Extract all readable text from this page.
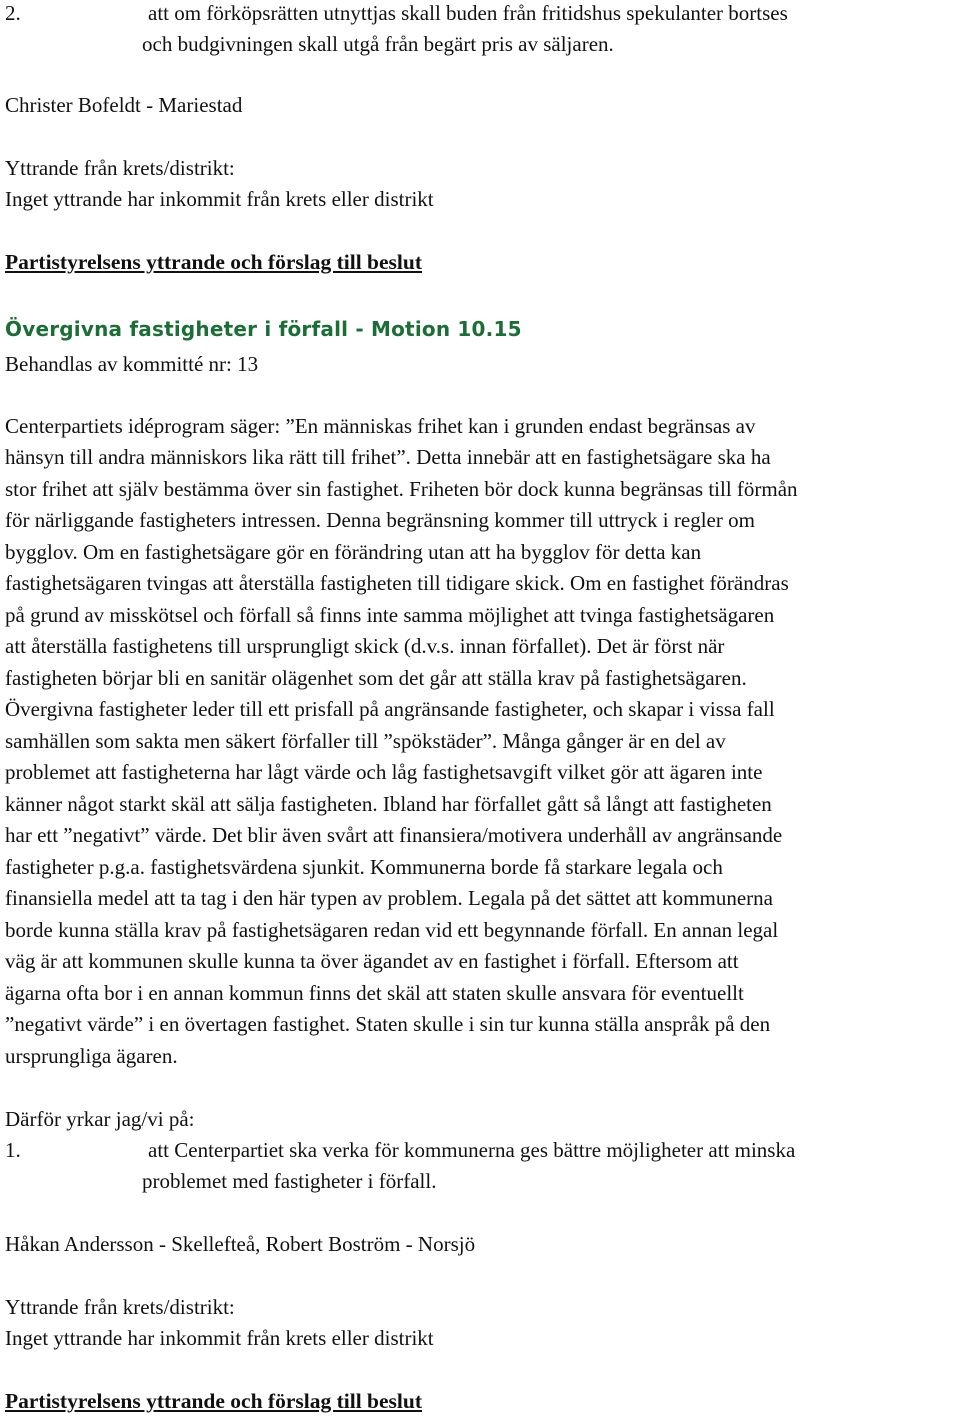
2.	att om förköpsrätten utnyttjas skall buden från fritidshus spekulanter bortses
och budgivningen skall utgå från begärt pris av säljaren.
Christer Bofeldt - Mariestad
Yttrande från krets/distrikt:
Inget yttrande har inkommit från krets eller distrikt
Partistyrelsens yttrande och förslag till beslut
Övergivna fastigheter i förfall - Motion 10.15
Behandlas av kommitté nr: 13
Centerpartiets idéprogram säger: ”En människas frihet kan i grunden endast begränsas av
hänsyn till andra människors lika rätt till frihet”. Detta innebär att en fastighetsägare ska ha
stor frihet att själv bestämma över sin fastighet. Friheten bör dock kunna begränsas till förmån
för närliggande fastigheters intressen. Denna begränsning kommer till uttryck i regler om
bygglov. Om en fastighetsägare gör en förändring utan att ha bygglov för detta kan
fastighetsägaren tvingas att återställa fastigheten till tidigare skick. Om en fastighet förändras
på grund av misskötsel och förfall så finns inte samma möjlighet att tvinga fastighetsägaren
att återställa fastighetens till ursprungligt skick (d.v.s. innan förfallet). Det är först när
fastigheten börjar bli en sanitär olägenhet som det går att ställa krav på fastighetsägaren.
Övergivna fastigheter leder till ett prisfall på angränsande fastigheter, och skapar i vissa fall
samhällen som sakta men säkert förfaller till ”spökstäder”. Många gånger är en del av
problemet att fastigheterna har lågt värde och låg fastighetsavgift vilket gör att ägaren inte
känner något starkt skäl att sälja fastigheten. Ibland har förfallet gått så långt att fastigheten
har ett ”negativt” värde. Det blir även svårt att finansiera/motivera underhåll av angränsande
fastigheter p.g.a. fastighetsvärdena sjunkit. Kommunerna borde få starkare legala och
finansiella medel att ta tag i den här typen av problem. Legala på det sättet att kommunerna
borde kunna ställa krav på fastighetsägaren redan vid ett begynnande förfall. En annan legal
väg är att kommunen skulle kunna ta över ägandet av en fastighet i förfall. Eftersom att
ägarna ofta bor i en annan kommun finns det skäl att staten skulle ansvara för eventuellt
”negativt värde” i en övertagen fastighet. Staten skulle i sin tur kunna ställa anspråk på den
ursprungliga ägaren.
Därför yrkar jag/vi på:
1.	att Centerpartiet ska verka för kommunerna ges bättre möjligheter att minska
problemet med fastigheter i förfall.
Håkan Andersson - Skellefteå, Robert Boström - Norsjö
Yttrande från krets/distrikt:
Inget yttrande har inkommit från krets eller distrikt
Partistyrelsens yttrande och förslag till beslut
